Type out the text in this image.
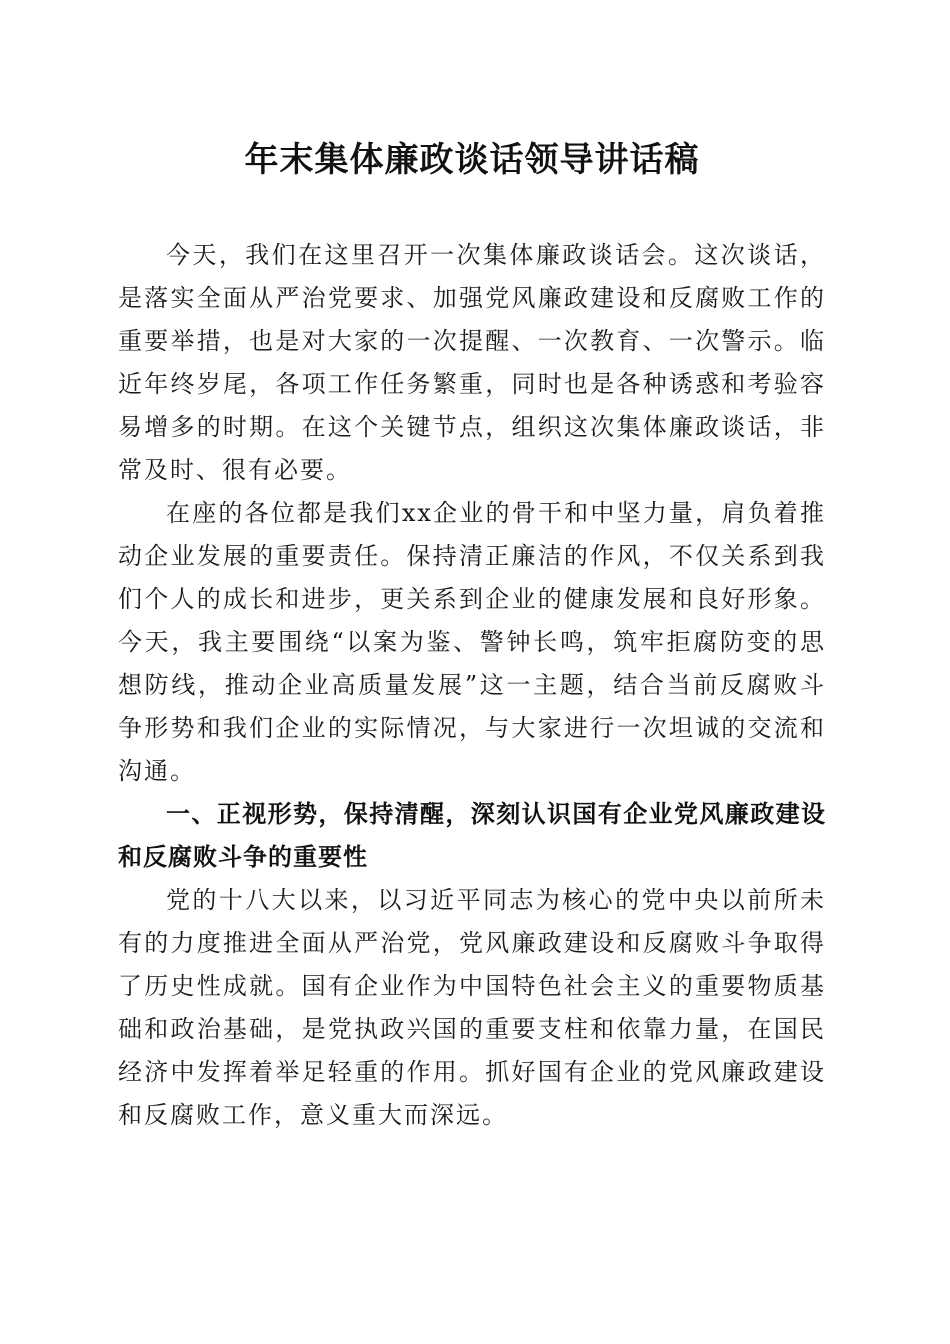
年末集体廉政谈话领导讲话稿

今天，我们在这里召开一次集体廉政谈话会。这次谈话，是落实全面从严治党要求、加强党风廉政建设和反腐败工作的重要举措，也是对大家的一次提醒、一次教育、一次警示。临近年终岁尾，各项工作任务繁重，同时也是各种诱惑和考验容易增多的时期。在这个关键节点，组织这次集体廉政谈话，非常及时、很有必要。

在座的各位都是我们xx企业的骨干和中坚力量，肩负着推动企业发展的重要责任。保持清正廉洁的作风，不仅关系到我们个人的成长和进步，更关系到企业的健康发展和良好形象。今天，我主要围绕“以案为鉴、警钟长鸣，筑牢拒腐防变的思想防线，推动企业高质量发展”这一主题，结合当前反腐败斗争形势和我们企业的实际情况，与大家进行一次坦诚的交流和沟通。

一、正视形势，保持清醒，深刻认识国有企业党风廉政建设和反腐败斗争的重要性

党的十八大以来，以习近平同志为核心的党中央以前所未有的力度推进全面从严治党，党风廉政建设和反腐败斗争取得了历史性成就。国有企业作为中国特色社会主义的重要物质基础和政治基础，是党执政兴国的重要支柱和依靠力量，在国民经济中发挥着举足轻重的作用。抓好国有企业的党风廉政建设和反腐败工作，意义重大而深远。
